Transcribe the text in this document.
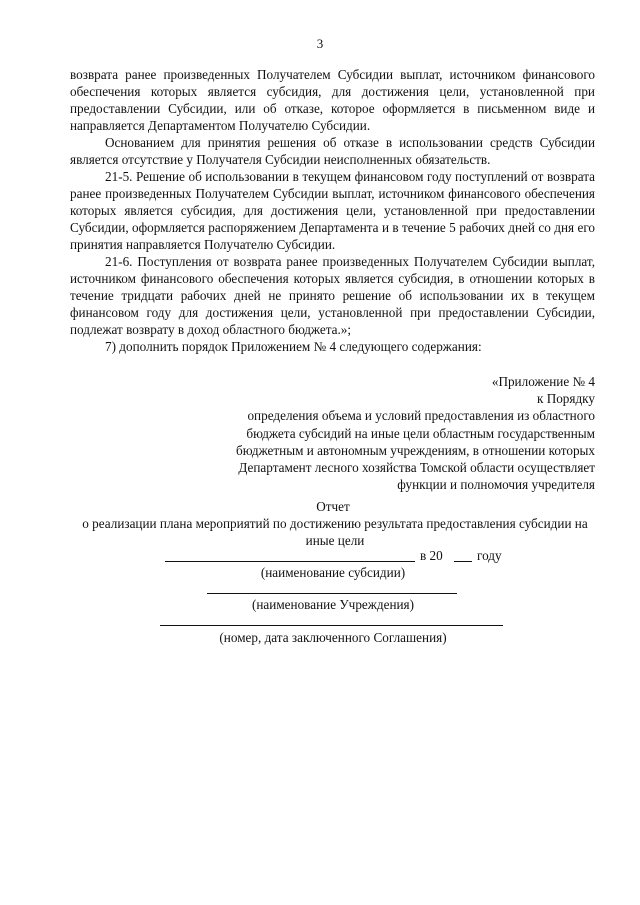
3

возврата ранее произведенных Получателем Субсидии выплат, источником финансового обеспечения которых является субсидия, для достижения цели, установленной при предоставлении Субсидии, или об отказе, которое оформляется в письменном виде и направляется Департаментом Получателю Субсидии.

Основанием для принятия решения об отказе в использовании средств Субсидии является отсутствие у Получателя Субсидии неисполненных обязательств.

21-5. Решение об использовании в текущем финансовом году поступлений от возврата ранее произведенных Получателем Субсидии выплат, источником финансового обеспечения которых является субсидия, для достижения цели, установленной при предоставлении Субсидии, оформляется распоряжением Департамента и в течение 5 рабочих дней со дня его принятия направляется Получателю Субсидии.

21-6. Поступления от возврата ранее произведенных Получателем Субсидии выплат, источником финансового обеспечения которых является субсидия, в отношении которых в течение тридцати рабочих дней не принято решение об использовании их в текущем финансовом году для достижения цели, установленной при предоставлении Субсидии, подлежат возврату в доход областного бюджета.»;

7) дополнить порядок Приложением № 4 следующего содержания:

«Приложение № 4
к Порядку
определения объема и условий предоставления из областного
бюджета субсидий на иные цели областным государственным
бюджетным и автономным учреждениям, в отношении которых
Департамент лесного хозяйства Томской области осуществляет
функции и полномочия учредителя
Отчет
о реализации плана мероприятий по достижению результата предоставления субсидии на иные цели
в 20	году
(наименование субсидии)
(наименование Учреждения)
(номер, дата заключенного Соглашения)
